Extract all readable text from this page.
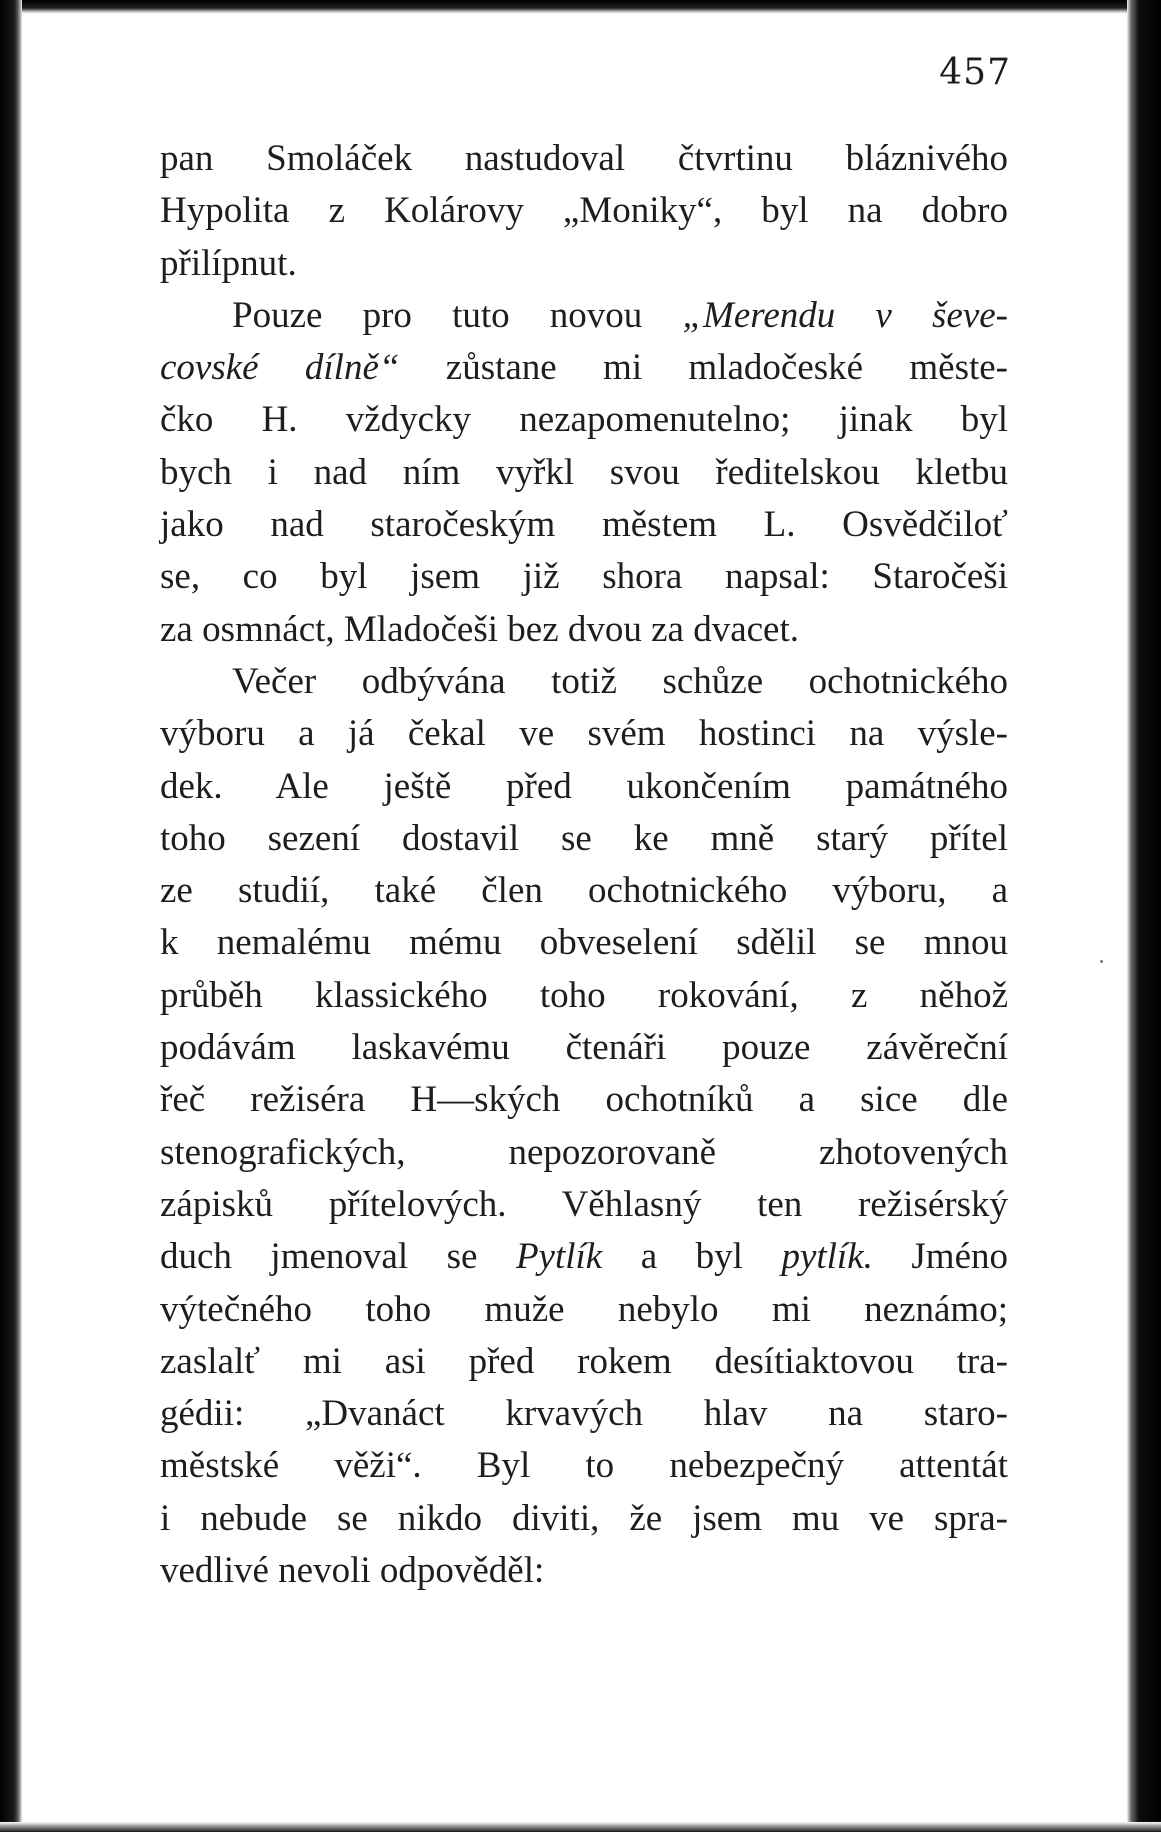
457
pan Smoláček nastudoval čtvrtinu bláznivého
Hypolita z Kolárovy „Moniky“, byl na dobro
přilípnut.
Pouze pro tuto novou „Merendu v ševe-
covské dílně“ zůstane mi mladočeské měste-
čko H. vždycky nezapomenutelno; jinak byl
bych i nad ním vyřkl svou ředitelskou kletbu
jako nad staročeským městem L. Osvědčiloť
se, co byl jsem již shora napsal: Staročeši
za osmnáct, Mladočeši bez dvou za dvacet.
Večer odbývána totiž schůze ochotnického
výboru a já čekal ve svém hostinci na výsle-
dek. Ale ještě před ukončením památného
toho sezení dostavil se ke mně starý přítel
ze studií, také člen ochotnického výboru, a
k nemalému mému obveselení sdělil se mnou
průběh klassického toho rokování, z něhož
podávám laskavému čtenáři pouze závěreční
řeč režiséra H—ských ochotníků a sice dle
stenografických, nepozorovaně zhotovených
zápisků přítelových. Věhlasný ten režisérský
duch jmenoval se Pytlík a byl pytlík. Jméno
výtečného toho muže nebylo mi neznámo;
zaslalť mi asi před rokem desítiaktovou tra-
gédii: „Dvanáct krvavých hlav na staro-
městské věži“. Byl to nebezpečný attentát
i nebude se nikdo diviti, že jsem mu ve spra-
vedlivé nevoli odpověděl:
